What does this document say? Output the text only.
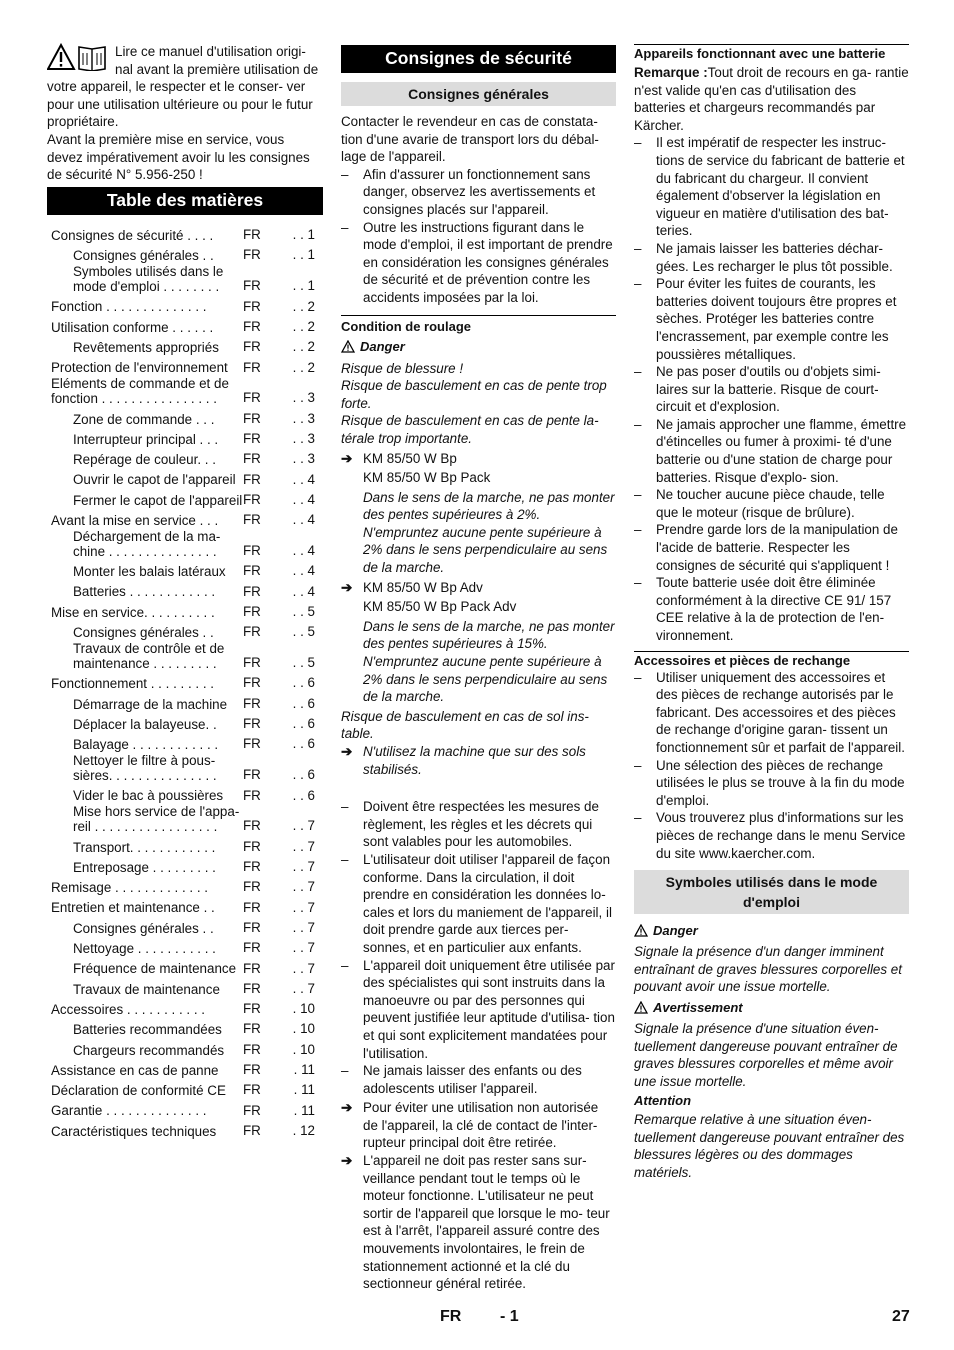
Lire ce manuel d'utilisation origi- nal avant la première utilisation de votre appareil, le respecter et le conser- ver pour une utilisation ultérieure ou pour le futur propriétaire.

Avant la première mise en service, vous devez impérativement avoir lu les consignes de sécurité N° 5.956-250 !

Table des matières
Consignes de sécurité . . . .	FR	. . 1
Consignes générales . .	FR	. . 1
Symboles utilisés dans le mode d'emploi . . . . . . . .	FR	. . 1
Fonction . . . . . . . . . . . . . .	FR	. . 2
Utilisation conforme . . . . . .	FR	. . 2
Revêtements appropriés	FR	. . 2
Protection de l'environnement	FR	. . 2
Eléments de commande et de fonction . . . . . . . . . . . . . . . .	FR	. . 3
Zone de commande . . .	FR	. . 3
Interrupteur principal . . .	FR	. . 3
Repérage de couleur. . .	FR	. . 3
Ouvrir le capot de l'appareil FR	. . 4
Fermer le capot de l'appareil FR	. . 4
Avant la mise en service . . .	FR	. . 4
Déchargement de la ma- chine . . . . . . . . . . . . . . .	FR	. . 4
Monter les balais latéraux	FR	. . 4
Batteries . . . . . . . . . . . .	FR	. . 4
Mise en service. . . . . . . . . .	FR	. . 5
Consignes générales . .	FR	. . 5
Travaux de contrôle et de maintenance . . . . . . . . .	FR	. . 5
Fonctionnement . . . . . . . . .	FR	. . 6
Démarrage de la machine	FR	. . 6
Déplacer la balayeuse. .	FR	. . 6
Balayage . . . . . . . . . . . .	FR	. . 6
Nettoyer le filtre à pous- sières. . . . . . . . . . . . . . .	FR	. . 6
Vider le bac à poussières	FR	. . 6
Mise hors service de l'appa- reil . . . . . . . . . . . . . . . . .	FR	. . 7
Transport. . . . . . . . . . . .	FR	. . 7
Entreposage . . . . . . . . .	FR	. . 7
Remisage . . . . . . . . . . . . .	FR	. . 7
Entretien et maintenance . .	FR	. . 7
Consignes générales . .	FR	. . 7
Nettoyage . . . . . . . . . . .	FR	. . 7
Fréquence de maintenance FR	. . 7
Travaux de maintenance	FR	. . 7
Accessoires . . . . . . . . . . .	FR	. 10
Batteries recommandées	FR	. 10
Chargeurs recommandés	FR	. 10
Assistance en cas de panne	FR	. 11
Déclaration de conformité CE	FR	. 11
Garantie . . . . . . . . . . . . . .	FR	. 11
Caractéristiques techniques	FR	. 12
Consignes de sécurité
Consignes générales

Contacter le revendeur en cas de constata- tion d'une avarie de transport lors du débal- lage de l'appareil.

– Afin d'assurer un fonctionnement sans danger, observez les avertissements et consignes placés sur l'appareil.

– Outre les instructions figurant dans le mode d'emploi, il est important de prendre en considération les consignes générales de sécurité et de prévention contre les accidents imposées par la loi.

Condition de roulage
Danger

Risque de blessure !

Risque de basculement en cas de pente trop forte.

Risque de basculement en cas de pente la- térale trop importante.

➔ KM 85/50 W Bp

KM 85/50 W Bp Pack

Dans le sens de la marche, ne pas monter des pentes supérieures à 2%.

N'empruntez aucune pente supérieure à 2% dans le sens perpendiculaire au sens de la marche.

➔ KM 85/50 W Bp Adv

KM 85/50 W Bp Pack Adv

Dans le sens de la marche, ne pas monter des pentes supérieures à 15%.

N'empruntez aucune pente supérieure à 2% dans le sens perpendiculaire au sens de la marche.

Risque de basculement en cas de sol ins- table.

➔ N'utilisez la machine que sur des sols stabilisés.

– Doivent être respectées les mesures de règlement, les règles et les décrets qui sont valables pour les automobiles.

– L'utilisateur doit utiliser l'appareil de façon conforme. Dans la circulation, il doit prendre en considération les données lo- cales et lors du maniement de l'appareil, il doit prendre garde aux tierces per- sonnes, et en particulier aux enfants.

– L'appareil doit uniquement être utilisée par des spécialistes qui sont instruits dans la manoeuvre ou par des personnes qui peuvent justifiée leur aptitude d'utilisa- tion et qui sont explicitement mandatées pour l'utilisation.

– Ne jamais laisser des enfants ou des adolescents utiliser l'appareil.

➔ Pour éviter une utilisation non autorisée de l'appareil, la clé de contact de l'inter- rupteur principal doit être retirée.

➔ L'appareil ne doit pas rester sans sur- veillance pendant tout le temps où le moteur fonctionne. L'utilisateur ne peut sortir de l'appareil que lorsque le mo- teur est à l'arrêt, l'appareil assuré contre des mouvements involontaires, le frein de stationnement actionné et la clé du sectionneur général retirée.

Appareils fonctionnant avec une batterie

Remarque :Tout droit de recours en ga- rantie n'est valide qu'en cas d'utilisation des batteries et chargeurs recommandés par Kärcher.

– Il est impératif de respecter les instruc- tions de service du fabricant de batterie et du fabricant du chargeur. Il convient également d'observer la législation en vigueur en matière d'utilisation des bat- teries.

– Ne jamais laisser les batteries déchar- gées. Les recharger le plus tôt possible.

– Pour éviter les fuites de courants, les batteries doivent toujours être propres et sèches. Protéger les batteries contre l'encrassement, par exemple contre les poussières métalliques.

– Ne pas poser d'outils ou d'objets simi- laires sur la batterie. Risque de court- circuit et d'explosion.

– Ne jamais approcher une flamme, émettre d'étincelles ou fumer à proximi- té d'une batterie ou d'une station de charge pour batteries. Risque d'explo- sion.

– Ne toucher aucune pièce chaude, telle que le moteur (risque de brûlure).

– Prendre garde lors de la manipulation de l'acide de batterie. Respecter les consignes de sécurité qui s'appliquent !

– Toute batterie usée doit être éliminée conformément à la directive CE 91/ 157 CEE relative à la de protection de l'en- vironnement.

Accessoires et pièces de rechange

– Utiliser uniquement des accessoires et des pièces de rechange autorisés par le fabricant. Des accessoires et des pièces de rechange d'origine garan- tissent un fonctionnement sûr et parfait de l'appareil.

– Une sélection des pièces de rechange utilisées le plus se trouve à la fin du mode d'emploi.

– Vous trouverez plus d'informations sur les pièces de rechange dans le menu Service du site www.kaercher.com.

Symboles utilisés dans le mode d'emploi
Danger

Signale la présence d'un danger imminent entraînant de graves blessures corporelles et pouvant avoir une issue mortelle.

Avertissement

Signale la présence d'une situation éven- tuellement dangereuse pouvant entraîner de graves blessures corporelles et même avoir une issue mortelle.

Attention

Remarque relative à une situation éven- tuellement dangereuse pouvant entraîner des blessures légères ou des dommages matériels.

FR - 1	27
